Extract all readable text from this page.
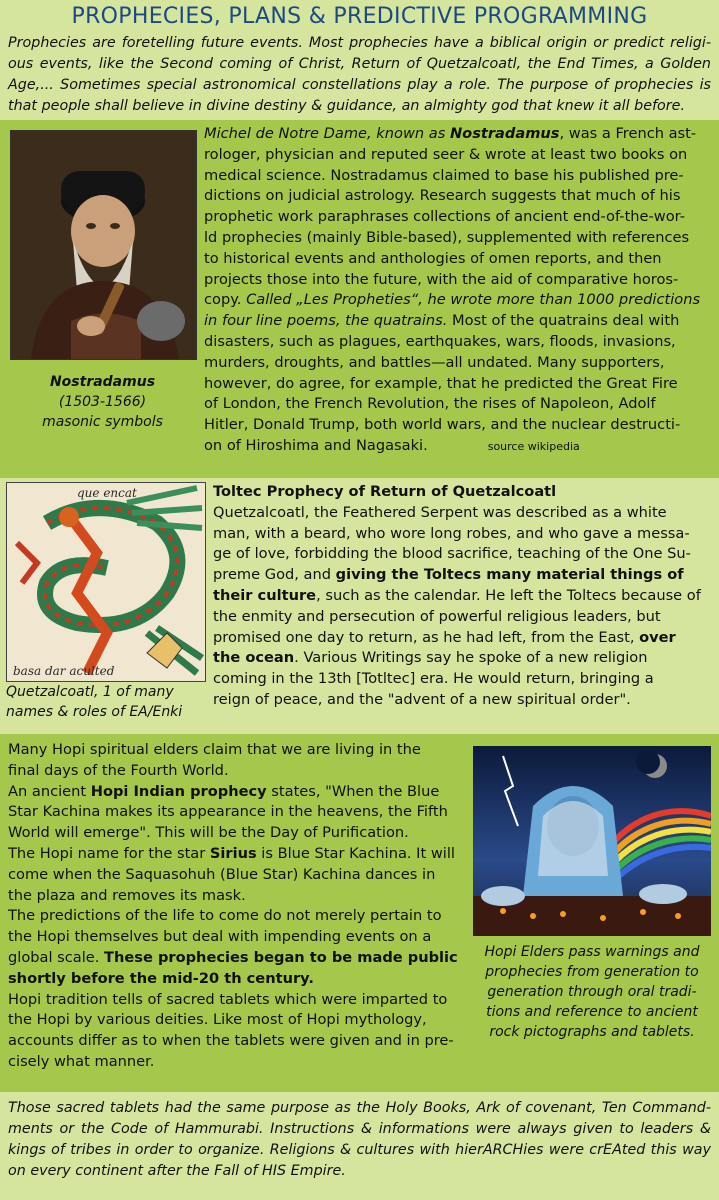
PROPHECIES, PLANS & PREDICTIVE PROGRAMMING
Prophecies are foretelling future events. Most prophecies have a biblical origin or predict religi- ous events, like the Second coming of Christ, Return of Quetzalcoatl, the End Times, a Golden Age,... Sometimes special astronomical constellations play a role. The purpose of prophecies is that people shall believe in divine destiny & guidance, an almighty god that knew it all before.
Nostradamus
(1503-1566)
masonic symbols
Michel de Notre Dame, known as Nostradamus, was a French ast-
rologer, physician and reputed seer & wrote at least two books on
medical science. Nostradamus claimed to base his published pre-
dictions on judicial astrology. Research suggests that much of his
prophetic work paraphrases collections of ancient end-of-the-wor-
ld prophecies (mainly Bible-based), supplemented with references
to historical events and anthologies of omen reports, and then
projects those into the future, with the aid of comparative horos-
copy. Called „Les Propheties“, he wrote more than 1000 predictions
in four line poems, the quatrains. Most of the quatrains deal with
disasters, such as plagues, earthquakes, wars, floods, invasions,
murders, droughts, and battles—all undated. Many supporters,
however, do agree, for example, that he predicted the Great Fire
of London, the French Revolution, the rises of Napoleon, Adolf
Hitler, Donald Trump, both world wars, and the nuclear destructi-
on of Hiroshima and Nagasaki.	source wikipedia
que encat
basa dar aculted
Quetzalcoatl, 1 of many
names & roles of EA/Enki
Toltec Prophecy of Return of Quetzalcoatl
Quetzalcoatl, the Feathered Serpent was described as a white
man, with a beard, who wore long robes, and who gave a messa-
ge of love, forbidding the blood sacrifice, teaching of the One Su-
preme God, and giving the Toltecs many material things of
their culture, such as the calendar. He left the Toltecs because of
the enmity and persecution of powerful religious leaders, but
promised one day to return, as he had left, from the East, over
the ocean. Various Writings say he spoke of a new religion
coming in the 13th [Totltec] era. He would return, bringing a
reign of peace, and the "advent of a new spiritual order".
Many Hopi spiritual elders claim that we are living in the
final days of the Fourth World.
An ancient Hopi Indian prophecy states, "When the Blue
Star Kachina makes its appearance in the heavens, the Fifth
World will emerge". This will be the Day of Purification.
The Hopi name for the star Sirius is Blue Star Kachina. It will
come when the Saquasohuh (Blue Star) Kachina dances in
the plaza and removes its mask.
The predictions of the life to come do not merely pertain to
the Hopi themselves but deal with impending events on a
global scale. These prophecies began to be made public
shortly before the mid-20 th century.
Hopi tradition tells of sacred tablets which were imparted to
the Hopi by various deities. Like most of Hopi mythology,
accounts differ as to when the tablets were given and in pre-
cisely what manner.
Hopi Elders pass warnings and
prophecies from generation to
generation through oral tradi-
tions and reference to ancient
rock pictographs and tablets.
Those sacred tablets had the same purpose as the Holy Books, Ark of covenant, Ten Command- ments or the Code of Hammurabi. Instructions & informations were always given to leaders & kings of tribes in order to organize. Religions & cultures with hierARCHies were crEAted this way on every continent after the Fall of HIS Empire.
